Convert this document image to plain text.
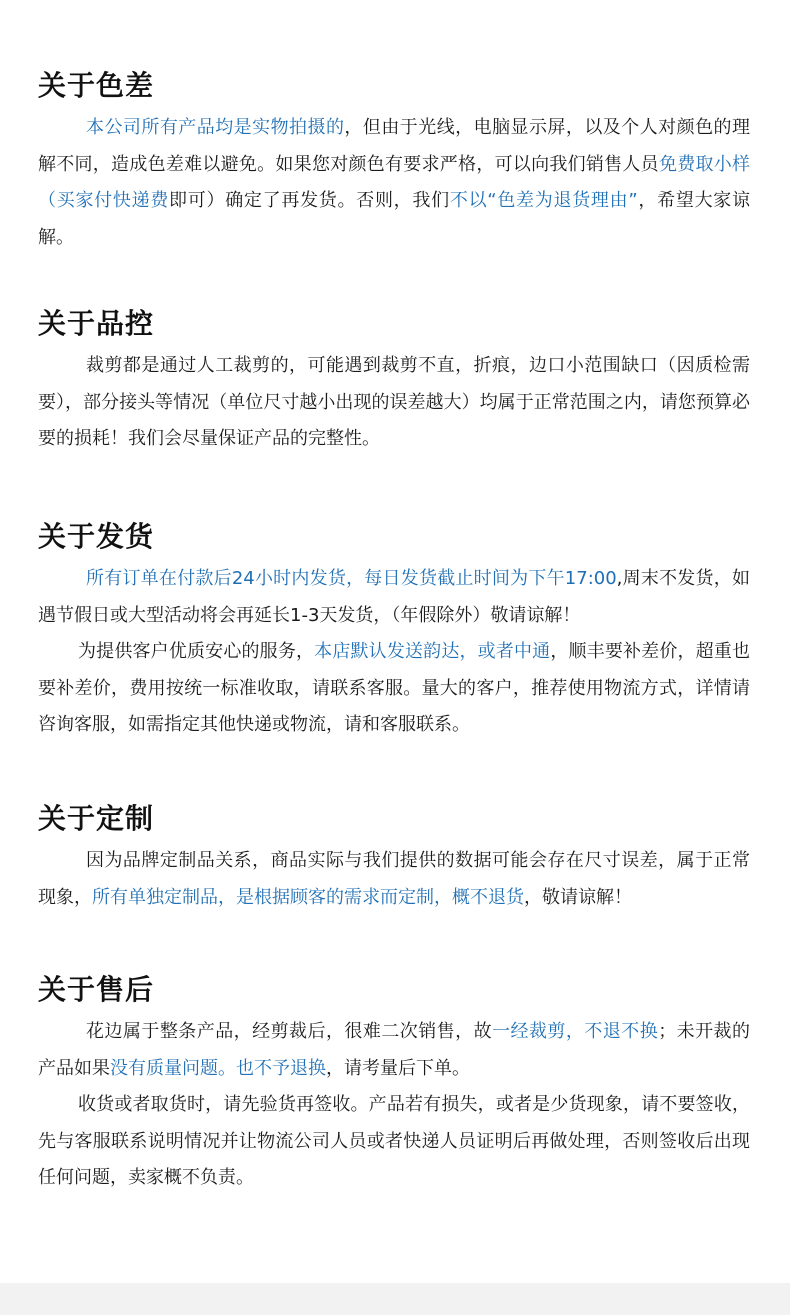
关于色差

本公司所有产品均是实物拍摄的，但由于光线，电脑显示屏，以及个人对颜色的理解不同，造成色差难以避免。如果您对颜色有要求严格，可以向我们销售人员免费取小样（买家付快递费即可）确定了再发货。否则，我们不以“色差为退货理由”，希望大家谅解。

关于品控

裁剪都是通过人工裁剪的，可能遇到裁剪不直，折痕，边口小范围缺口（因质检需要），部分接头等情况（单位尺寸越小出现的误差越大）均属于正常范围之内，请您预算必要的损耗！我们会尽量保证产品的完整性。

关于发货

所有订单在付款后24小时内发货，每日发货截止时间为下午17:00,周末不发货，如遇节假日或大型活动将会再延长1-3天发货，（年假除外）敬请谅解！

为提供客户优质安心的服务，本店默认发送韵达，或者中通，顺丰要补差价，超重也要补差价，费用按统一标准收取，请联系客服。量大的客户，推荐使用物流方式，详情请咨询客服，如需指定其他快递或物流，请和客服联系。

关于定制

因为品牌定制品关系，商品实际与我们提供的数据可能会存在尺寸误差，属于正常现象，所有单独定制品，是根据顾客的需求而定制，概不退货，敬请谅解！

关于售后

花边属于整条产品，经剪裁后，很难二次销售，故一经裁剪，不退不换；未开裁的产品如果没有质量问题。也不予退换，请考量后下单。

收货或者取货时，请先验货再签收。产品若有损失，或者是少货现象，请不要签收，先与客服联系说明情况并让物流公司人员或者快递人员证明后再做处理，否则签收后出现任何问题，卖家概不负责。
